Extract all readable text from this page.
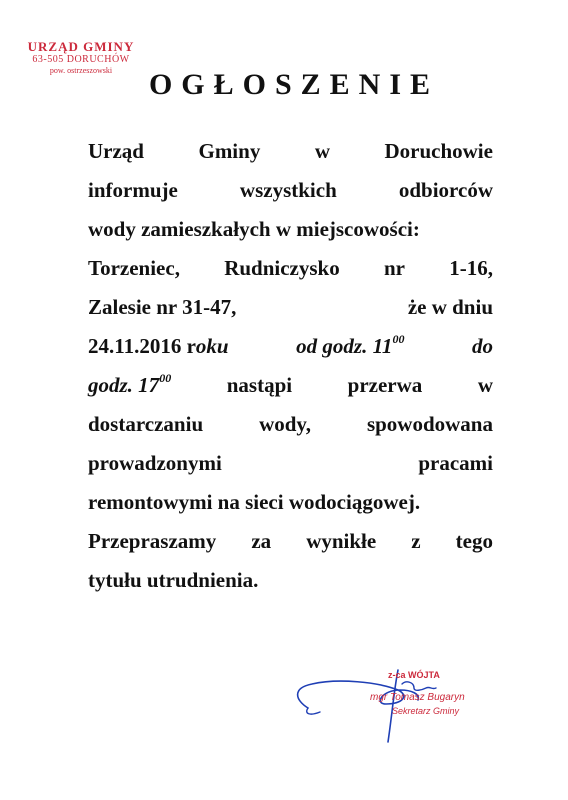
URZĄD GMINY
63-505 DORUCHÓW
pow. ostrzeszowski	OGŁOSZENIE
Urząd	Gminy	w	Doruchowie
informuje	wszystkich	odbiorców
wody zamieszkałych w miejscowości:
Torzeniec, Rudniczysko nr 1-16,
Zalesie nr 31-47,	że w dniu
24.11.2016 roku	od godz. $11^{00}$	do
godz. $17^{00}$	nastąpi	przerwa	w
dostarczaniu	wody,	spowodowana
prowadzonymi	pracami
remontowymi na sieci wodociągowej.
Przepraszamy za wynikłe z tego
tytułu utrudnienia.
z-ca WÓJTA
mgr Tomasz Bugaryn
Sekretarz Gminy
